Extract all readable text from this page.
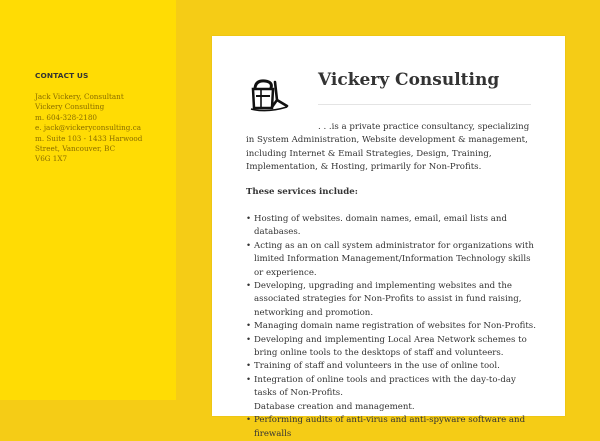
CONTACT US
Jack Vickery, Consultant
Vickery Consulting
m. 604-328-2180
e. jack@vickeryconsulting.ca
m. Suite 103 - 1433 Harwood
Street, Vancouver, BC
V6G 1X7
Vickery Consulting

. . .is a private practice consultancy, specializing in System Administration, Website development & management, including Internet & Email Strategies, Design, Training, Implementation, & Hosting, primarily for Non-Profits.

These services include:

• Hosting of websites. domain names, email, email lists and databases.
• Acting as an on call system administrator for organizations with limited Information Management/Information Technology skills or experience.
• Developing, upgrading and implementing websites and the associated strategies for Non-Profits to assist in fund raising, networking and promotion.
• Managing domain name registration of websites for Non-Profits.
• Developing and implementing Local Area Network schemes to bring online tools to the desktops of staff and volunteers.
• Training of staff and volunteers in the use of online tool.
• Integration of online tools and practices with the day-to-day tasks of Non-Profits.
Database creation and management.
• Performing audits of anti-virus and anti-spyware software and firewalls
